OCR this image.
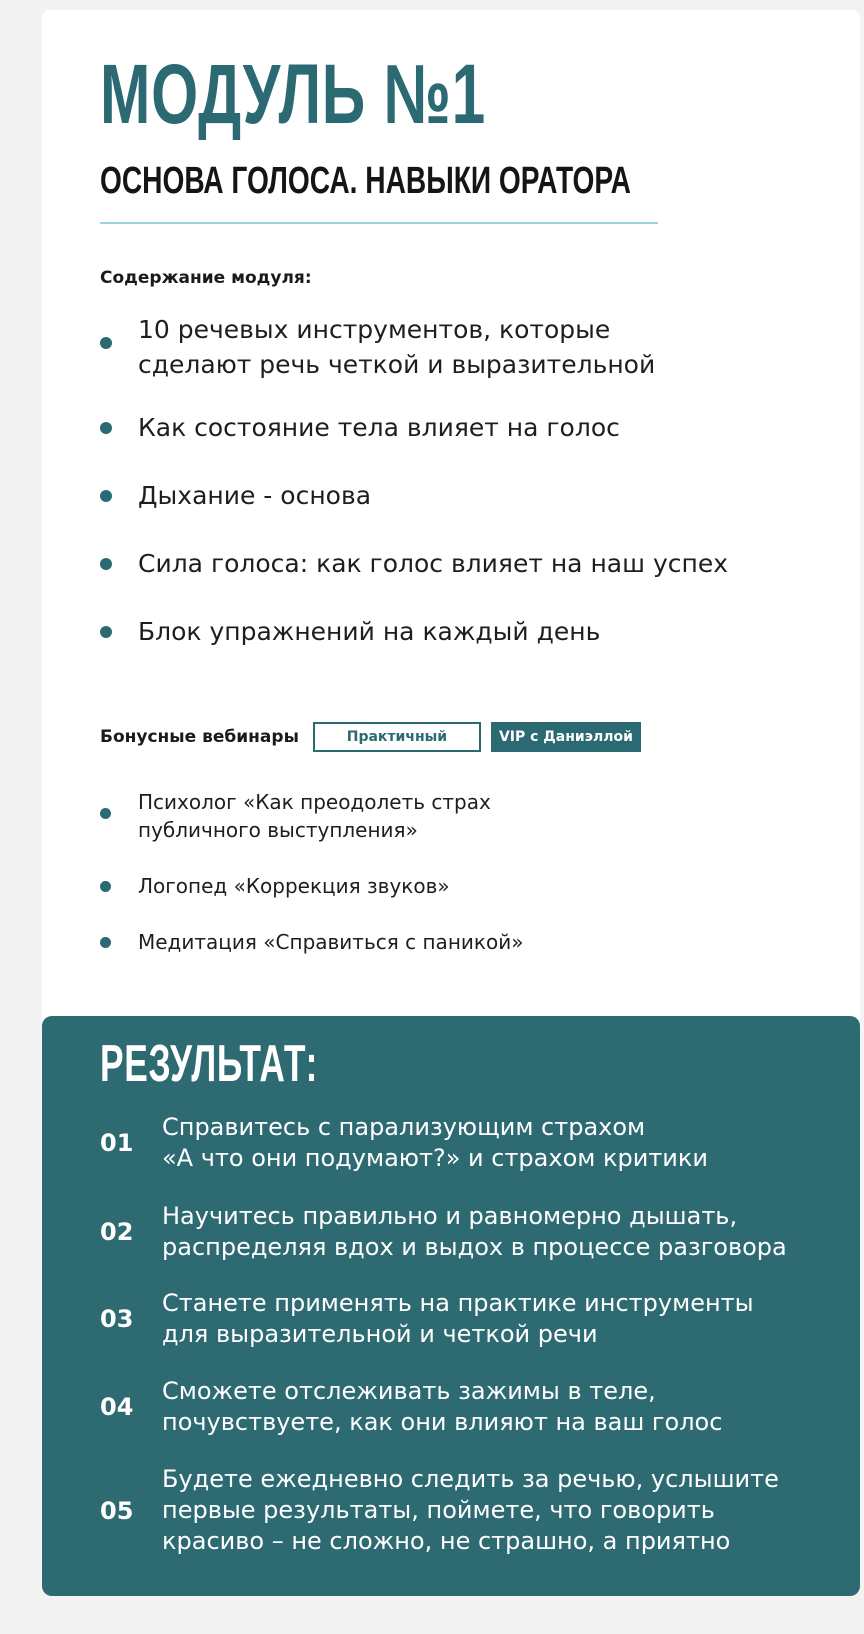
МОДУЛЬ №1
ОСНОВА ГОЛОСА. НАВЫКИ ОРАТОРА
Содержание модуля:
10 речевых инструментов, которые
сделают речь четкой и выразительной
Как состояние тела влияет на голос
Дыхание - основа
Сила голоса: как голос влияет на наш успех
Блок упражнений на каждый день
Бонусные вебинары	Практичный	VIP с Даниэллой
Психолог «Как преодолеть страх
публичного выступления»
Логопед «Коррекция звуков»
Медитация «Справиться с паникой»
РЕЗУЛЬТАТ:
01
Справитесь с парализующим страхом
«А что они подумают?» и страхом критики
02
Научитесь правильно и равномерно дышать,
распределяя вдох и выдох в процессе разговора
03
Станете применять на практике инструменты
для выразительной и четкой речи
04
Сможете отслеживать зажимы в теле,
почувствуете, как они влияют на ваш голос
05
Будете ежедневно следить за речью, услышите
первые результаты, поймете, что говорить
красиво – не сложно, не страшно, а приятно
